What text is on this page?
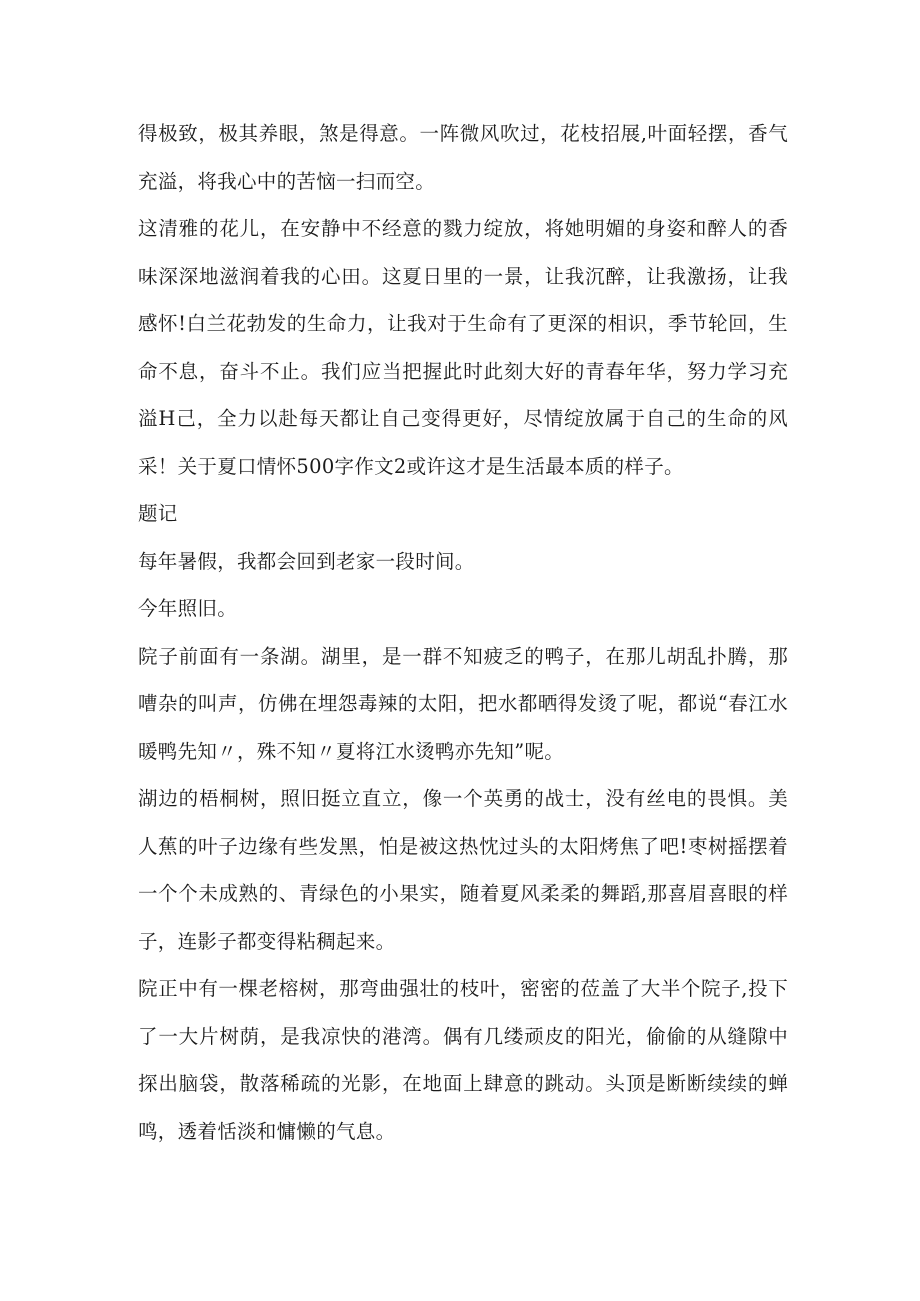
得极致，极其养眼，煞是得意。一阵微风吹过，花枝招展,叶面轻摆，香气充溢，将我心中的苦恼一扫而空。

这清雅的花儿，在安静中不经意的戮力绽放，将她明媚的身姿和醉人的香味深深地滋润着我的心田。这夏日里的一景，让我沉醉，让我激扬，让我感怀!白兰花勃发的生命力，让我对于生命有了更深的相识，季节轮回，生命不息，奋斗不止。我们应当把握此时此刻大好的青春年华，努力学习充溢H己，全力以赴每天都让自己变得更好，尽情绽放属于自己的生命的风采！关于夏口情怀500字作文2或许这才是生活最本质的样子。

题记

每年暑假，我都会回到老家一段时间。

今年照旧。

院子前面有一条湖。湖里，是一群不知疲乏的鸭子，在那儿胡乱扑腾，那嘈杂的叫声，仿佛在埋怨毒辣的太阳，把水都晒得发烫了呢，都说“春江水暖鸭先知〃，殊不知〃夏将江水烫鸭亦先知”呢。

湖边的梧桐树，照旧挺立直立，像一个英勇的战士，没有丝电的畏惧。美人蕉的叶子边缘有些发黑，怕是被这热忱过头的太阳烤焦了吧!枣树摇摆着一个个未成熟的、青绿色的小果实，随着夏风柔柔的舞蹈,那喜眉喜眼的样子，连影子都变得粘稠起来。

院正中有一棵老榕树，那弯曲强壮的枝叶，密密的莅盖了大半个院子,投下了一大片树荫，是我凉快的港湾。偶有几缕顽皮的阳光，偷偷的从缝隙中探出脑袋，散落稀疏的光影，在地面上肆意的跳动。头顶是断断续续的蝉鸣，透着恬淡和慵懒的气息。
